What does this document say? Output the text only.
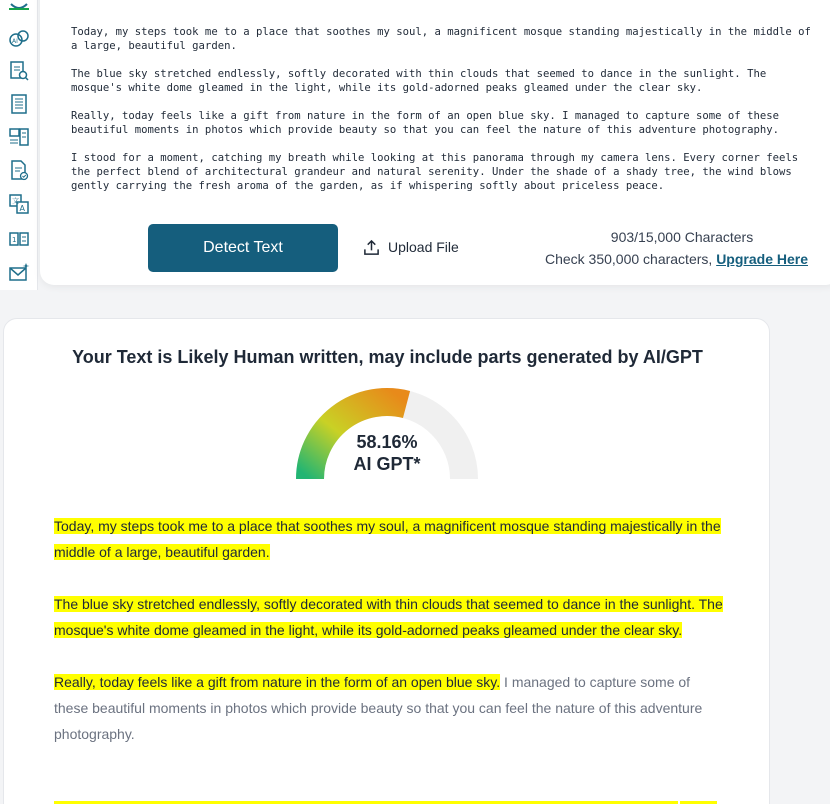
AI
A
文
1

Today, my steps took me to a place that soothes my soul, a magnificent mosque standing majestically in the middle of a large, beautiful garden.

The blue sky stretched endlessly, softly decorated with thin clouds that seemed to dance in the sunlight. The mosque's white dome gleamed in the light, while its gold-adorned peaks gleamed under the clear sky.

Really, today feels like a gift from nature in the form of an open blue sky. I managed to capture some of these beautiful moments in photos which provide beauty so that you can feel the nature of this adventure photography.

I stood for a moment, catching my breath while looking at this panorama through my camera lens. Every corner feels the perfect blend of architectural grandeur and natural serenity. Under the shade of a shady tree, the wind blows gently carrying the fresh aroma of the garden, as if whispering softly about priceless peace.

Detect Text	Upload File
903/15,000 Characters
Check 350,000 characters, Upgrade Here
Your Text is Likely Human written, may include parts generated by AI/GPT
58.16%
AI GPT*

Today, my steps took me to a place that soothes my soul, a magnificent mosque standing majestically in the middle of a large, beautiful garden.

The blue sky stretched endlessly, softly decorated with thin clouds that seemed to dance in the sunlight. The mosque's white dome gleamed in the light, while its gold-adorned peaks gleamed under the clear sky.

Really, today feels like a gift from nature in the form of an open blue sky. I managed to capture some of these beautiful moments in photos which provide beauty so that you can feel the nature of this adventure photography.
